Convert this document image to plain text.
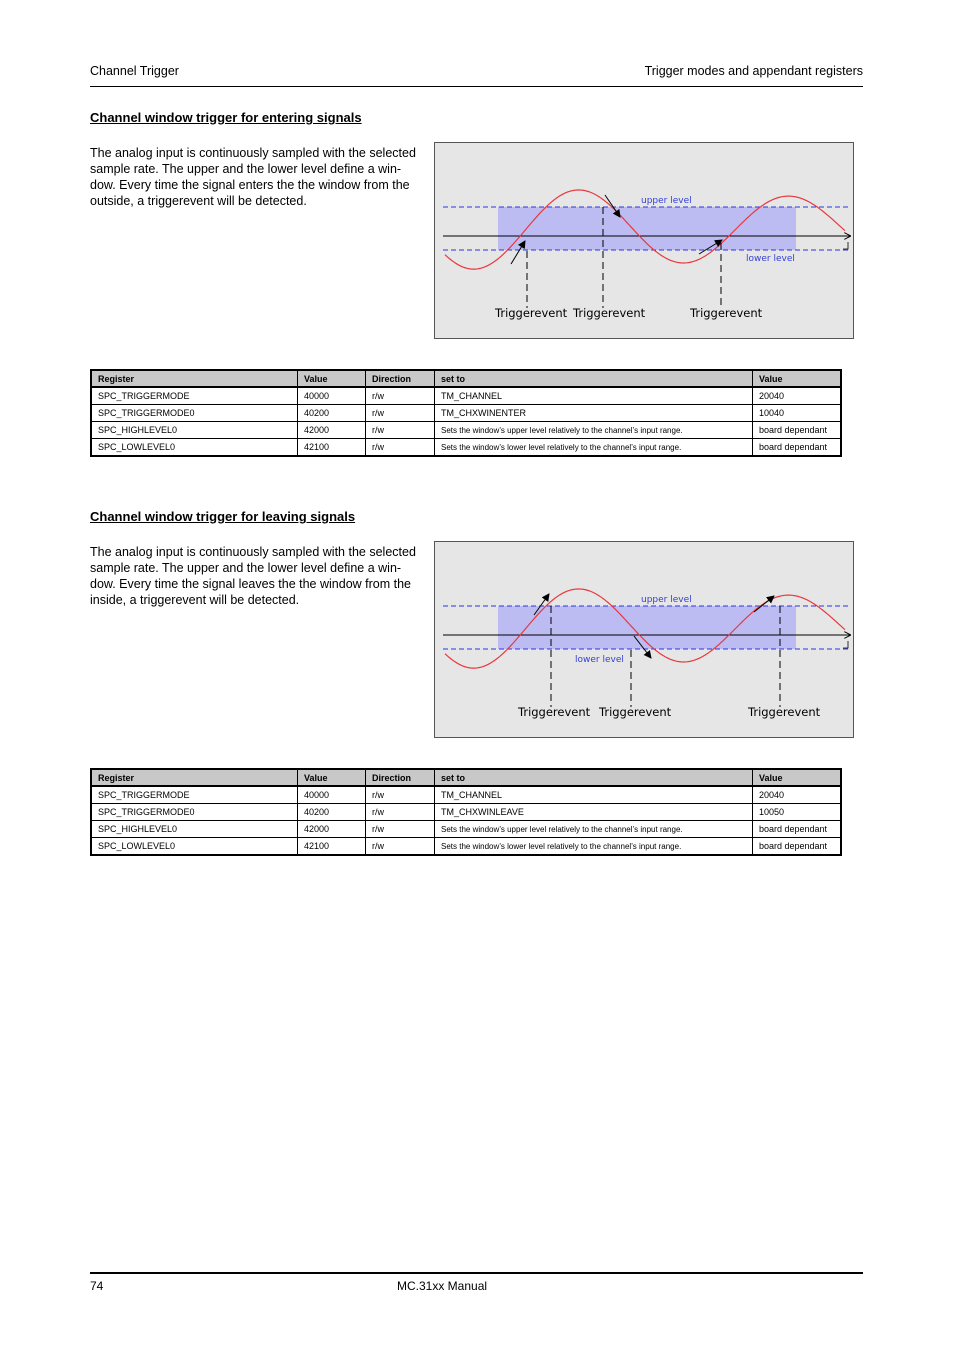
Channel Trigger	Trigger modes and appendant registers
Channel window trigger for entering signals
The analog input is continuously sampled with the selected
sample rate. The upper and the lower level define a win-
dow. Every time the signal enters the the window from the
outside, a triggerevent will be detected.	upper level
lower level
Triggerevent Triggerevent	Triggerevent
Register	Value	Direction	set to	Value
SPC_TRIGGERMODE	40000	r/w	TM_CHANNEL	20040
SPC_TRIGGERMODE0	40200	r/w	TM_CHXWINENTER	10040
SPC_HIGHLEVEL0	42000	r/w	Sets the window’s upper level relatively to the channel’s input range.	board dependant
SPC_LOWLEVEL0	42100	r/w	Sets the window’s lower level relatively to the channel’s input range.	board dependant
Channel window trigger for leaving signals
The analog input is continuously sampled with the selected
sample rate. The upper and the lower level define a win-
dow. Every time the signal leaves the the window from the
inside, a triggerevent will be detected.	upper level
lower level
Triggerevent Triggerevent	Triggerevent
Register	Value	Direction	set to	Value
SPC_TRIGGERMODE	40000	r/w	TM_CHANNEL	20040
SPC_TRIGGERMODE0	40200	r/w	TM_CHXWINLEAVE	10050
SPC_HIGHLEVEL0	42000	r/w	Sets the window’s upper level relatively to the channel’s input range.	board dependant
SPC_LOWLEVEL0	42100	r/w	Sets the window’s lower level relatively to the channel’s input range.	board dependant
74	MC.31xx Manual
